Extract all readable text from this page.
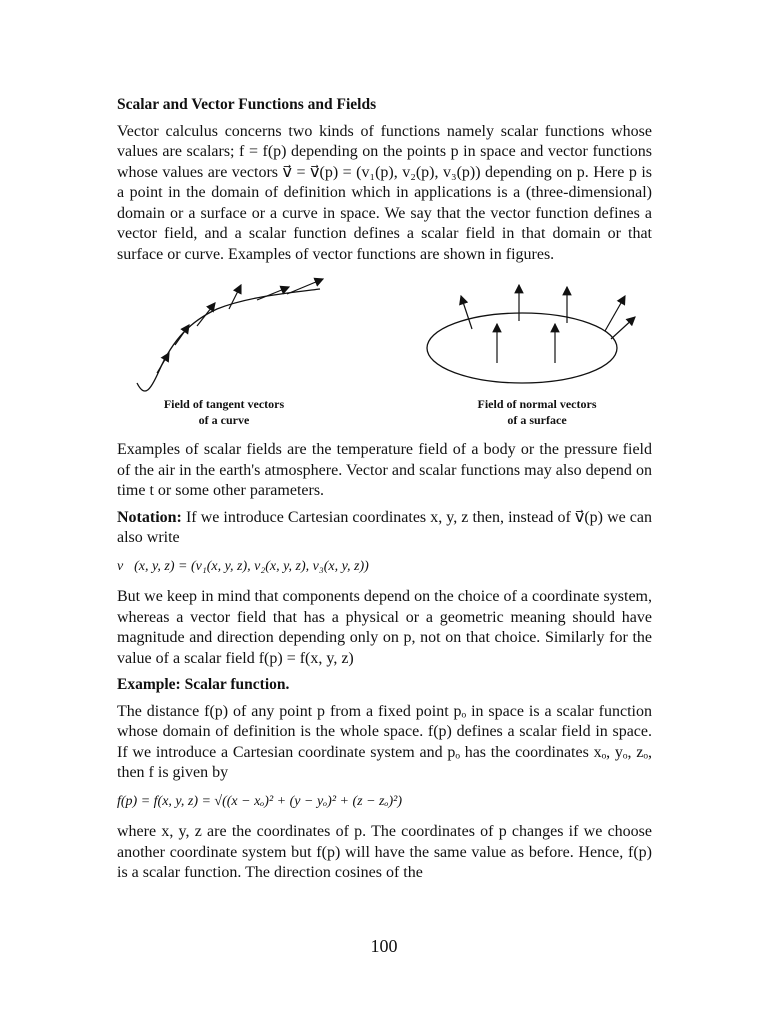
Scalar and Vector Functions and Fields

Vector calculus concerns two kinds of functions namely scalar functions whose values are scalars; f = f(p) depending on the points p in space and vector functions whose values are vectors v⃗ = v⃗(p) = (v₁(p), v₂(p), v₃(p)) depending on p. Here p is a point in the domain of definition which in applications is a (three-dimensional) domain or a surface or a curve in space. We say that the vector function defines a vector field, and a scalar function defines a scalar field in that domain or that surface or curve. Examples of vector functions are shown in figures.

Field of tangent vectors
of a curve
Field of normal vectors
of a surface

Examples of scalar fields are the temperature field of a body or the pressure field of the air in the earth's atmosphere. Vector and scalar functions may also depend on time t or some other parameters.

Notation: If we introduce Cartesian coordinates x, y, z then, instead of v⃗(p) we can also write

v⃗(x, y, z) = (v₁(x, y, z), v₂(x, y, z), v₃(x, y, z))

But we keep in mind that components depend on the choice of a coordinate system, whereas a vector field that has a physical or a geometric meaning should have magnitude and direction depending only on p, not on that choice. Similarly for the value of a scalar field f(p) = f(x, y, z)

Example: Scalar function.

The distance f(p) of any point p from a fixed point pₒ in space is a scalar function whose domain of definition is the whole space. f(p) defines a scalar field in space. If we introduce a Cartesian coordinate system and pₒ has the coordinates xₒ, yₒ, zₒ, then f is given by

f(p) = f(x, y, z) = √((x − xₒ)² + (y − yₒ)² + (z − zₒ)²)

where x, y, z are the coordinates of p. The coordinates of p changes if we choose another coordinate system but f(p) will have the same value as before. Hence, f(p) is a scalar function. The direction cosines of the

100
